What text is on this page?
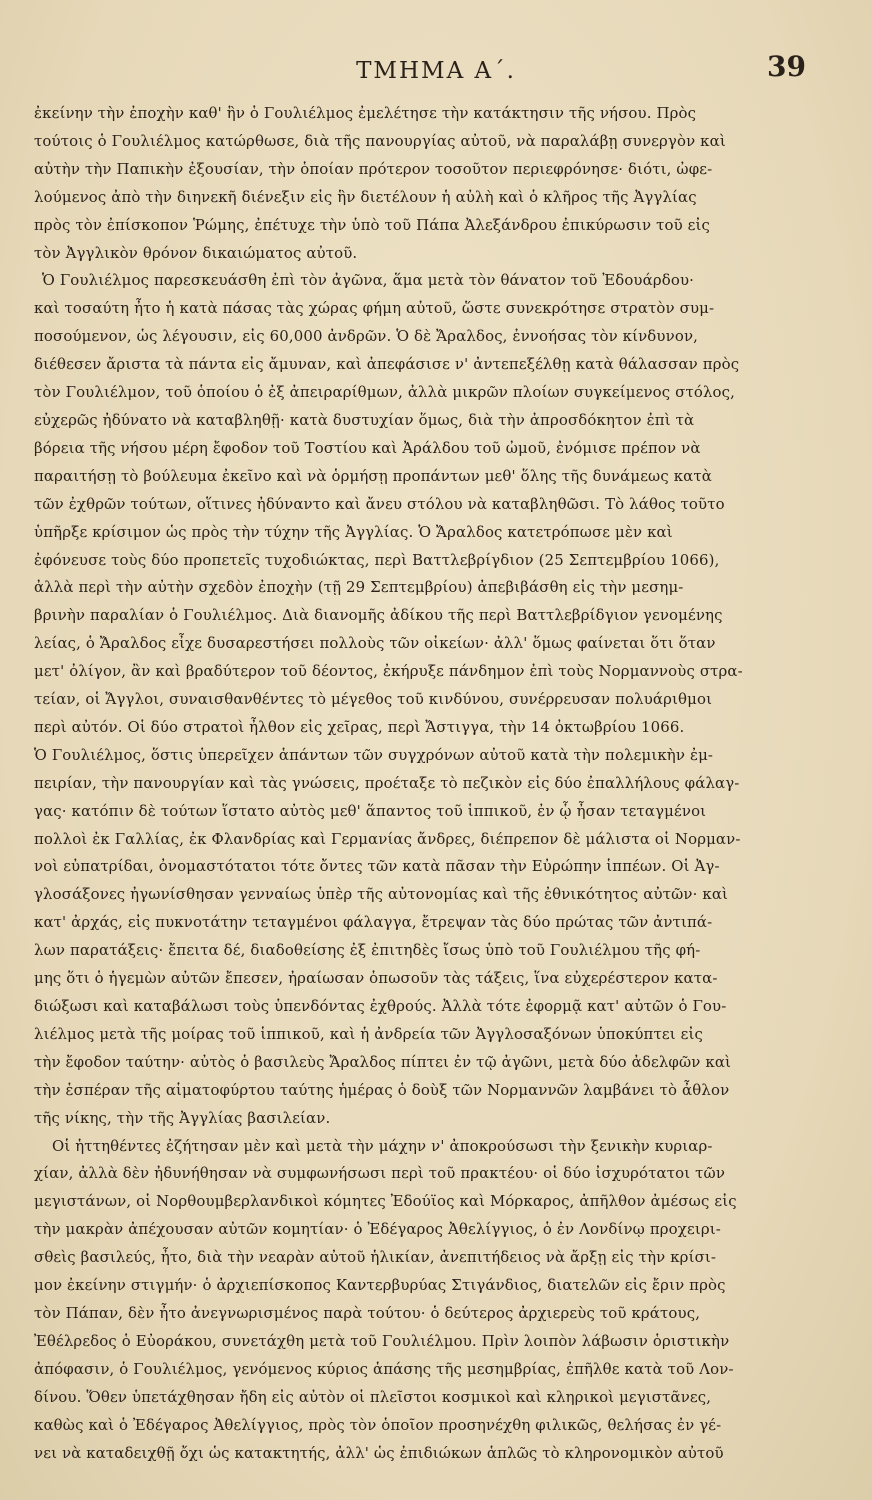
ΤΜΗΜΑ Α΄.	39
ἐκείνην τὴν ἐποχὴν καθ' ἣν ὁ Γουλιέλμος ἐμελέτησε τὴν κατάκτησιν τῆς νήσου. Πρὸς
τούτοις ὁ Γουλιέλμος κατώρθωσε, διὰ τῆς πανουργίας αὐτοῦ, νὰ παραλάβῃ συνεργὸν καὶ
αὐτὴν τὴν Παπικὴν ἐξουσίαν, τὴν ὁποίαν πρότερον τοσοῦτον περιεφρόνησε· διότι, ὠφε-
λούμενος ἀπὸ τὴν διηνεκῆ διένεξιν εἰς ἣν διετέλουν ἡ αὐλὴ καὶ ὁ κλῆρος τῆς Ἀγγλίας
πρὸς τὸν ἐπίσκοπον Ῥώμης, ἐπέτυχε τὴν ὑπὸ τοῦ Πάπα Ἀλεξάνδρου ἐπικύρωσιν τοῦ εἰς
τὸν Ἀγγλικὸν θρόνον δικαιώματος αὐτοῦ.
Ὁ Γουλιέλμος παρεσκευάσθη ἐπὶ τὸν ἀγῶνα, ἅμα μετὰ τὸν θάνατον τοῦ Ἐδουάρδου·
καὶ τοσαύτη ἦτο ἡ κατὰ πάσας τὰς χώρας φήμη αὐτοῦ, ὥστε συνεκρότησε στρατὸν συμ-
ποσούμενον, ὡς λέγουσιν, εἰς 60,000 ἀνδρῶν. Ὁ δὲ Ἄραλδος, ἐννοήσας τὸν κίνδυνον,
διέθεσεν ἄριστα τὰ πάντα εἰς ἄμυναν, καὶ ἀπεφάσισε ν' ἀντεπεξέλθῃ κατὰ θάλασσαν πρὸς
τὸν Γουλιέλμον, τοῦ ὁποίου ὁ ἐξ ἀπειραρίθμων, ἀλλὰ μικρῶν πλοίων συγκείμενος στόλος,
εὐχερῶς ἠδύνατο νὰ καταβληθῇ· κατὰ δυστυχίαν ὅμως, διὰ τὴν ἀπροσδόκητον ἐπὶ τὰ
βόρεια τῆς νήσου μέρη ἔφοδον τοῦ Τοστίου καὶ Ἀράλδου τοῦ ὠμοῦ, ἐνόμισε πρέπον νὰ
παραιτήσῃ τὸ βούλευμα ἐκεῖνο καὶ νὰ ὁρμήσῃ προπάντων μεθ' ὅλης τῆς δυνάμεως κατὰ
τῶν ἐχθρῶν τούτων, οἵτινες ἠδύναντο καὶ ἄνευ στόλου νὰ καταβληθῶσι. Τὸ λάθος τοῦτο
ὑπῆρξε κρίσιμον ὡς πρὸς τὴν τύχην τῆς Ἀγγλίας. Ὁ Ἄραλδος κατετρόπωσε μὲν καὶ
ἐφόνευσε τοὺς δύο προπετεῖς τυχοδιώκτας, περὶ Βαττλεβρίγδιον (25 Σεπτεμβρίου 1066),
ἀλλὰ περὶ τὴν αὐτὴν σχεδὸν ἐποχὴν (τῇ 29 Σεπτεμβρίου) ἀπεβιβάσθη εἰς τὴν μεσημ-
βρινὴν παραλίαν ὁ Γουλιέλμος. Διὰ διανομῆς ἀδίκου τῆς περὶ Βαττλεβρίδγιον γενομένης
λείας, ὁ Ἄραλδος εἶχε δυσαρεστήσει πολλοὺς τῶν οἰκείων· ἀλλ' ὅμως φαίνεται ὅτι ὅταν
μετ' ὀλίγον, ἂν καὶ βραδύτερον τοῦ δέοντος, ἐκήρυξε πάνδημον ἐπὶ τοὺς Νορμαννοὺς στρα-
τείαν, οἱ Ἄγγλοι, συναισθανθέντες τὸ μέγεθος τοῦ κινδύνου, συνέρρευσαν πολυάριθμοι
περὶ αὐτόν. Οἱ δύο στρατοὶ ἦλθον εἰς χεῖρας, περὶ Ἄστιγγα, τὴν 14 ὀκτωβρίου 1066.
Ὁ Γουλιέλμος, ὅστις ὑπερεῖχεν ἁπάντων τῶν συγχρόνων αὐτοῦ κατὰ τὴν πολεμικὴν ἐμ-
πειρίαν, τὴν πανουργίαν καὶ τὰς γνώσεις, προέταξε τὸ πεζικὸν εἰς δύο ἐπαλλήλους φάλαγ-
γας· κατόπιν δὲ τούτων ἵστατο αὐτὸς μεθ' ἅπαντος τοῦ ἱππικοῦ, ἐν ᾧ ἦσαν τεταγμένοι
πολλοὶ ἐκ Γαλλίας, ἐκ Φλανδρίας καὶ Γερμανίας ἄνδρες, διέπρεπον δὲ μάλιστα οἱ Νορμαν-
νοὶ εὐπατρίδαι, ὀνομαστότατοι τότε ὄντες τῶν κατὰ πᾶσαν τὴν Εὐρώπην ἱππέων. Οἱ Ἀγ-
γλοσάξονες ἠγωνίσθησαν γενναίως ὑπὲρ τῆς αὐτονομίας καὶ τῆς ἐθνικότητος αὐτῶν· καὶ
κατ' ἀρχάς, εἰς πυκνοτάτην τεταγμένοι φάλαγγα, ἔτρεψαν τὰς δύο πρώτας τῶν ἀντιπά-
λων παρατάξεις· ἔπειτα δέ, διαδοθείσης ἐξ ἐπιτηδὲς ἴσως ὑπὸ τοῦ Γουλιέλμου τῆς φή-
μης ὅτι ὁ ἡγεμὼν αὐτῶν ἔπεσεν, ἠραίωσαν ὁπωσοῦν τὰς τάξεις, ἵνα εὐχερέστερον κατα-
διώξωσι καὶ καταβάλωσι τοὺς ὑπενδόντας ἐχθρούς. Ἀλλὰ τότε ἐφορμᾷ κατ' αὐτῶν ὁ Γου-
λιέλμος μετὰ τῆς μοίρας τοῦ ἱππικοῦ, καὶ ἡ ἀνδρεία τῶν Ἀγγλοσαξόνων ὑποκύπτει εἰς
τὴν ἔφοδον ταύτην· αὐτὸς ὁ βασιλεὺς Ἄραλδος πίπτει ἐν τῷ ἀγῶνι, μετὰ δύο ἀδελφῶν καὶ
τὴν ἑσπέραν τῆς αἱματοφύρτου ταύτης ἡμέρας ὁ δοὺξ τῶν Νορμαννῶν λαμβάνει τὸ ἆθλον
τῆς νίκης, τὴν τῆς Ἀγγλίας βασιλείαν.
Οἱ ἡττηθέντες ἐζήτησαν μὲν καὶ μετὰ τὴν μάχην ν' ἀποκρούσωσι τὴν ξενικὴν κυριαρ-
χίαν, ἀλλὰ δὲν ἠδυνήθησαν νὰ συμφωνήσωσι περὶ τοῦ πρακτέου· οἱ δύο ἰσχυρότατοι τῶν
μεγιστάνων, οἱ Νορθουμβερλανδικοὶ κόμητες Ἐδούϊος καὶ Μόρκαρος, ἀπῆλθον ἀμέσως εἰς
τὴν μακρὰν ἀπέχουσαν αὐτῶν κομητίαν· ὁ Ἐδέγαρος Ἀθελίγγιος, ὁ ἐν Λονδίνῳ προχειρι-
σθεὶς βασιλεύς, ἦτο, διὰ τὴν νεαρὰν αὐτοῦ ἡλικίαν, ἀνεπιτήδειος νὰ ἄρξῃ εἰς τὴν κρίσι-
μον ἐκείνην στιγμήν· ὁ ἀρχιεπίσκοπος Καντερβυρύας Στιγάνδιος, διατελῶν εἰς ἔριν πρὸς
τὸν Πάπαν, δὲν ἦτο ἀνεγνωρισμένος παρὰ τούτου· ὁ δεύτερος ἀρχιερεὺς τοῦ κράτους,
Ἐθέλρεδος ὁ Εὐοράκου, συνετάχθη μετὰ τοῦ Γουλιέλμου. Πρὶν λοιπὸν λάβωσιν ὁριστικὴν
ἀπόφασιν, ὁ Γουλιέλμος, γενόμενος κύριος ἁπάσης τῆς μεσημβρίας, ἐπῆλθε κατὰ τοῦ Λον-
δίνου. Ὅθεν ὑπετάχθησαν ἤδη εἰς αὐτὸν οἱ πλεῖστοι κοσμικοὶ καὶ κληρικοὶ μεγιστᾶνες,
καθὼς καὶ ὁ Ἐδέγαρος Ἀθελίγγιος, πρὸς τὸν ὁποῖον προσηνέχθη φιλικῶς, θελήσας ἐν γέ-
νει νὰ καταδειχθῇ ὄχι ὡς κατακτητής, ἀλλ' ὡς ἐπιδιώκων ἁπλῶς τὸ κληρονομικὸν αὐτοῦ
